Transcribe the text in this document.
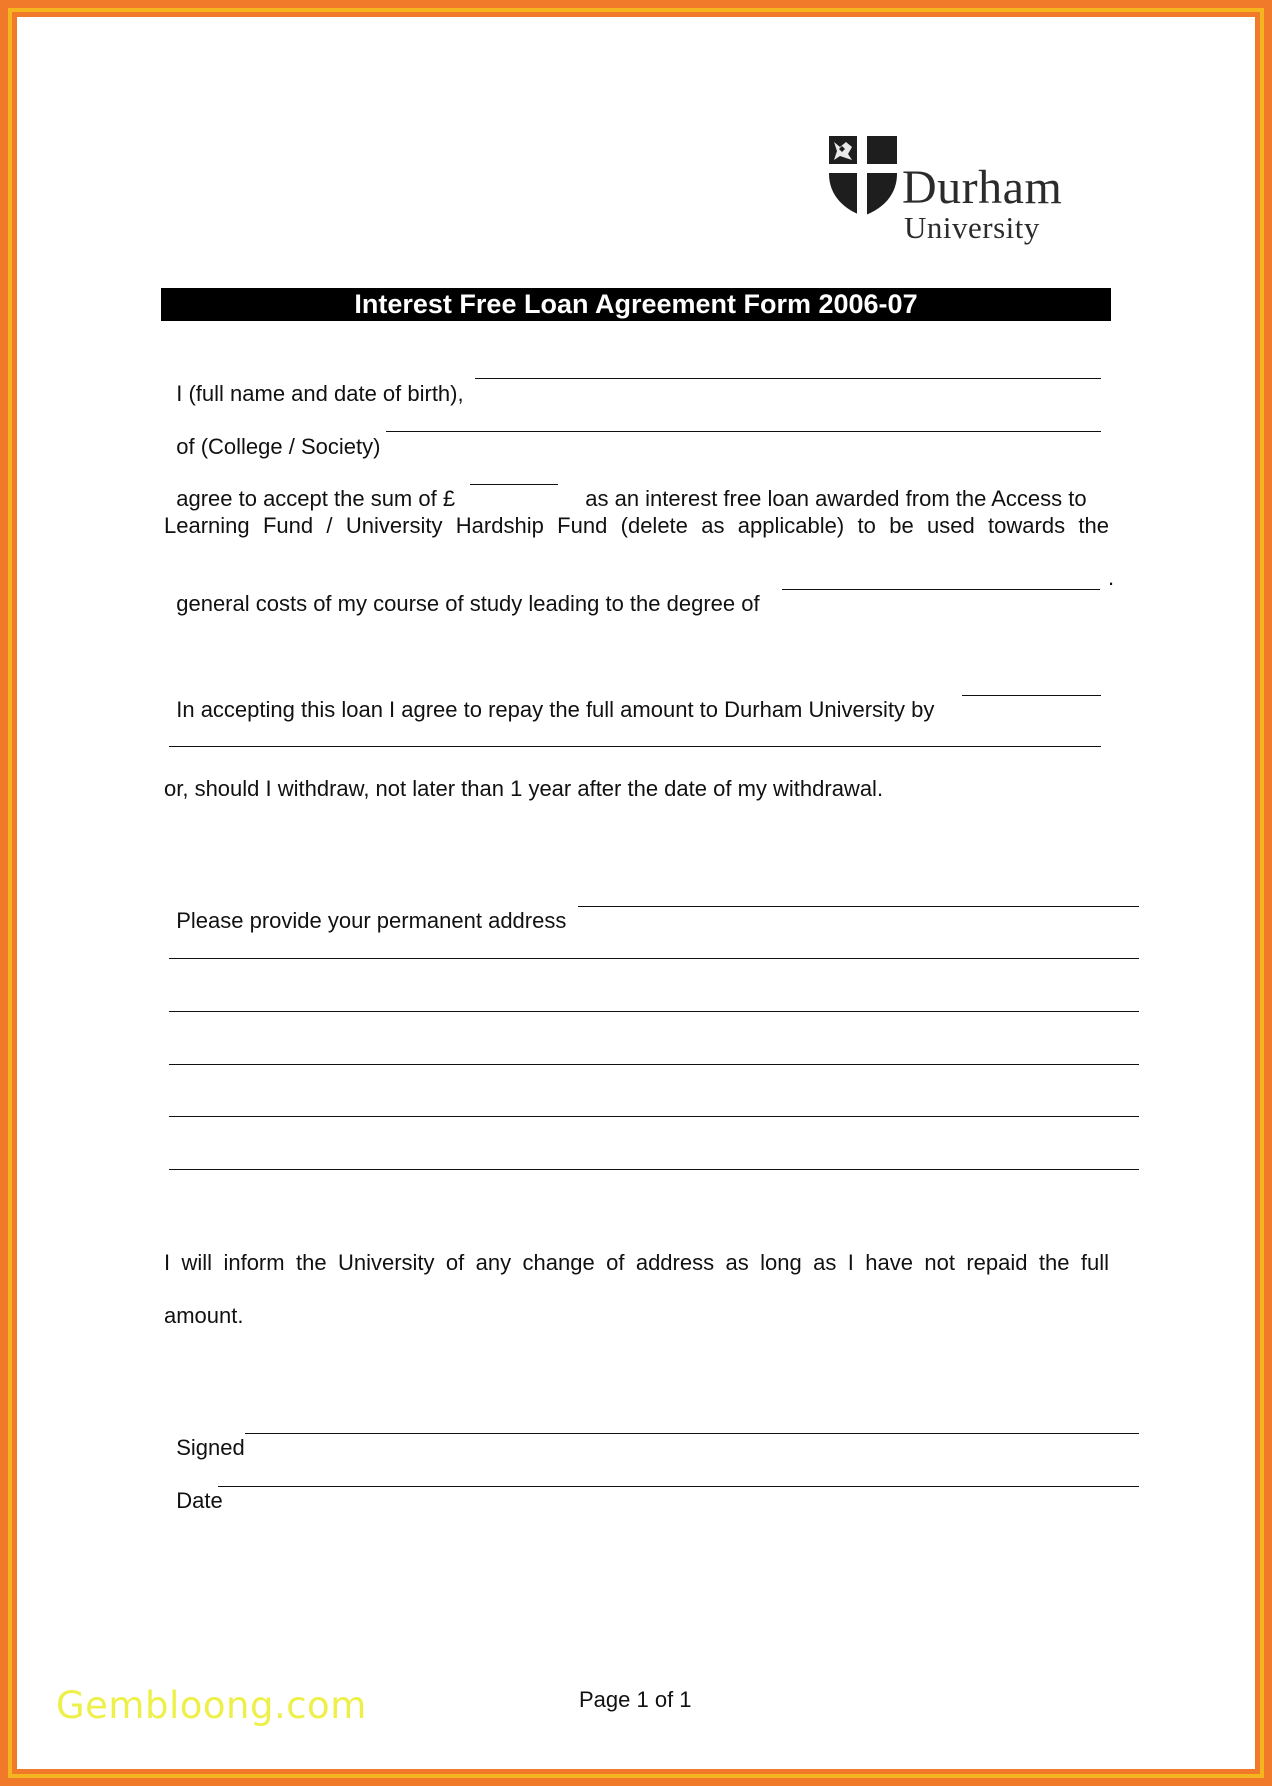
Durham
University
Interest Free Loan Agreement Form 2006-07

I (full name and date of birth),

of (College / Society)

agree to accept the sum of £	as an interest free loan awarded from the Access to

Learning Fund / University Hardship Fund (delete as applicable) to be used towards the

general costs of my course of study leading to the degree of

.

In accepting this loan I agree to repay the full amount to Durham University by

or, should I withdraw, not later than 1 year after the date of my withdrawal.

Please provide your permanent address

I will inform the University of any change of address as long as I have not repaid the full
amount.

Signed

Date

Page 1 of 1
Gembloong.com
